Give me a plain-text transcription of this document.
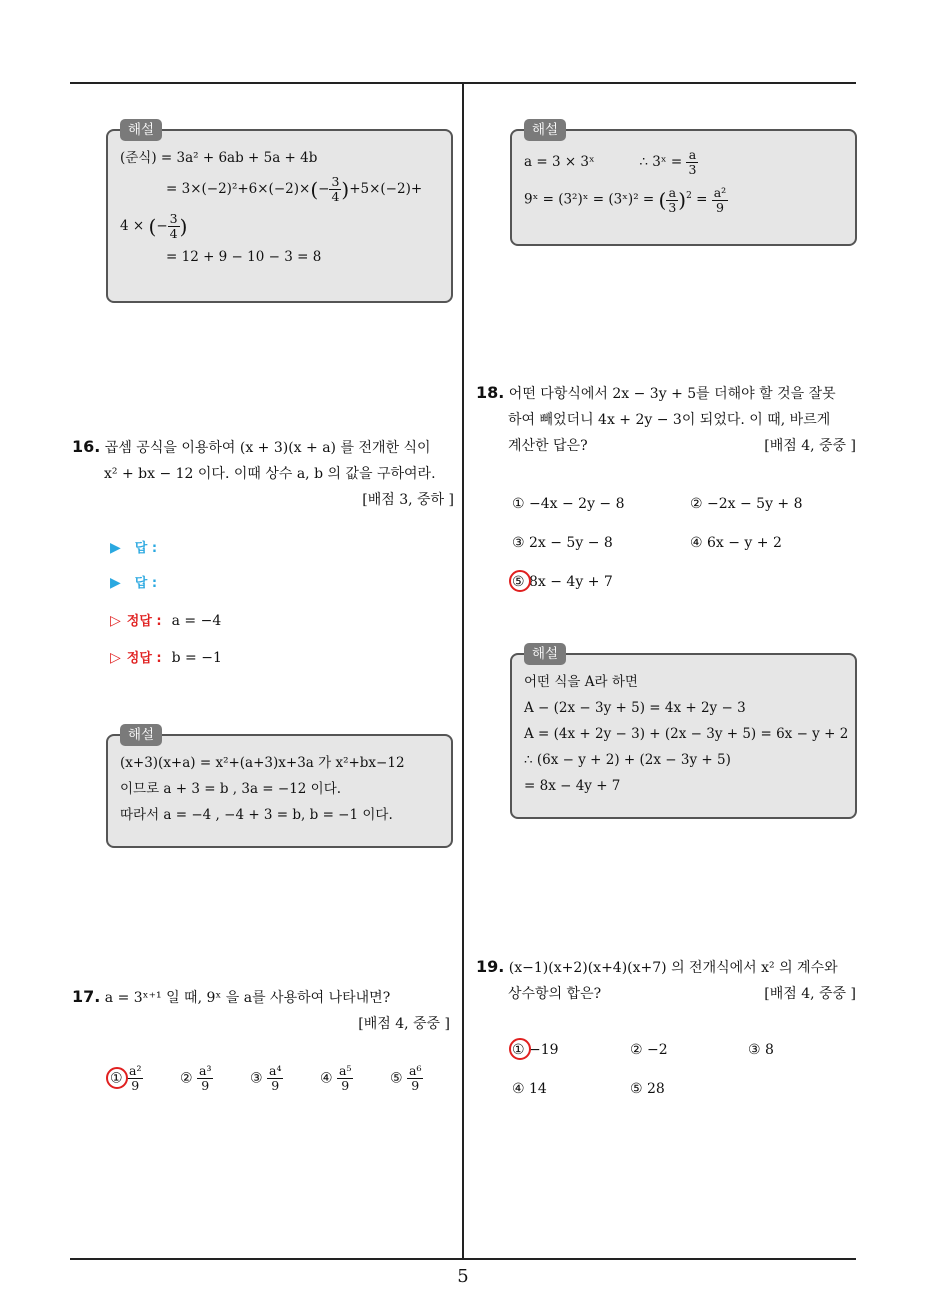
해설
(준식) = 3a² + 6ab + 5a + 4b
= $3\times(-2)^2+6\times(-2)\times(- \frac{3}{4} )+5\times(-2)+$
4 × (− $\frac{3}{4}$ )
= 12 + 9 − 10 − 3 = 8
16. 곱셈 공식을 이용하여 (x + 3)(x + a) 를 전개한 식이
x² + bx − 12 이다. 이때 상수 a, b 의 값을 구하여라.
[배점 3, 중하 ]
▶ 답 :
▶ 답 :
▷ 정답 : a = −4
▷ 정답 : b = −1
해설
(x+3)(x+a) = x²+(a+3)x+3a 가 x²+bx−12
이므로 a + 3 = b , 3a = −12 이다.
따라서 a = −4 , −4 + 3 = b, b = −1 이다.
17. a = 3ˣ⁺¹ 일 때, 9ˣ 을 a를 사용하여 나타내면?
[배점 4, 중중 ]
① $\frac{\text{a²}}{9}$	② $\frac{\text{a³}}{9}$	③ $\frac{\text{a⁴}}{9}$	④ $\frac{\text{a⁵}}{9}$	⑤ $\frac{\text{a⁶}}{9}$
해설
a = 3 × 3ˣ	∴ 3ˣ = $\frac{a}{3}$
9ˣ = (3²)ˣ = (3ˣ)² = ( $\frac{a}{3} )^2 = \frac{\text{a²}}{9}$
18. 어떤 다항식에서 2x − 3y + 5를 더해야 할 것을 잘못
하여 빼었더니 4x + 2y − 3이 되었다. 이 때, 바르게
계산한 답은?	[배점 4, 중중 ]
① −4x − 2y − 8	② −2x − 5y + 8
③ 2x − 5y − 8	④ 6x − y + 2
⑤ 8x − 4y + 7
해설
어떤 식을 A라 하면
A − (2x − 3y + 5) = 4x + 2y − 3
A = (4x + 2y − 3) + (2x − 3y + 5) = 6x − y + 2
∴ (6x − y + 2) + (2x − 3y + 5)
= 8x − 4y + 7
19. (x−1)(x+2)(x+4)(x+7) 의 전개식에서 x² 의 계수와
상수항의 합은?	[배점 4, 중중 ]
① −19	② −2	③ 8
④ 14	⑤ 28
5
